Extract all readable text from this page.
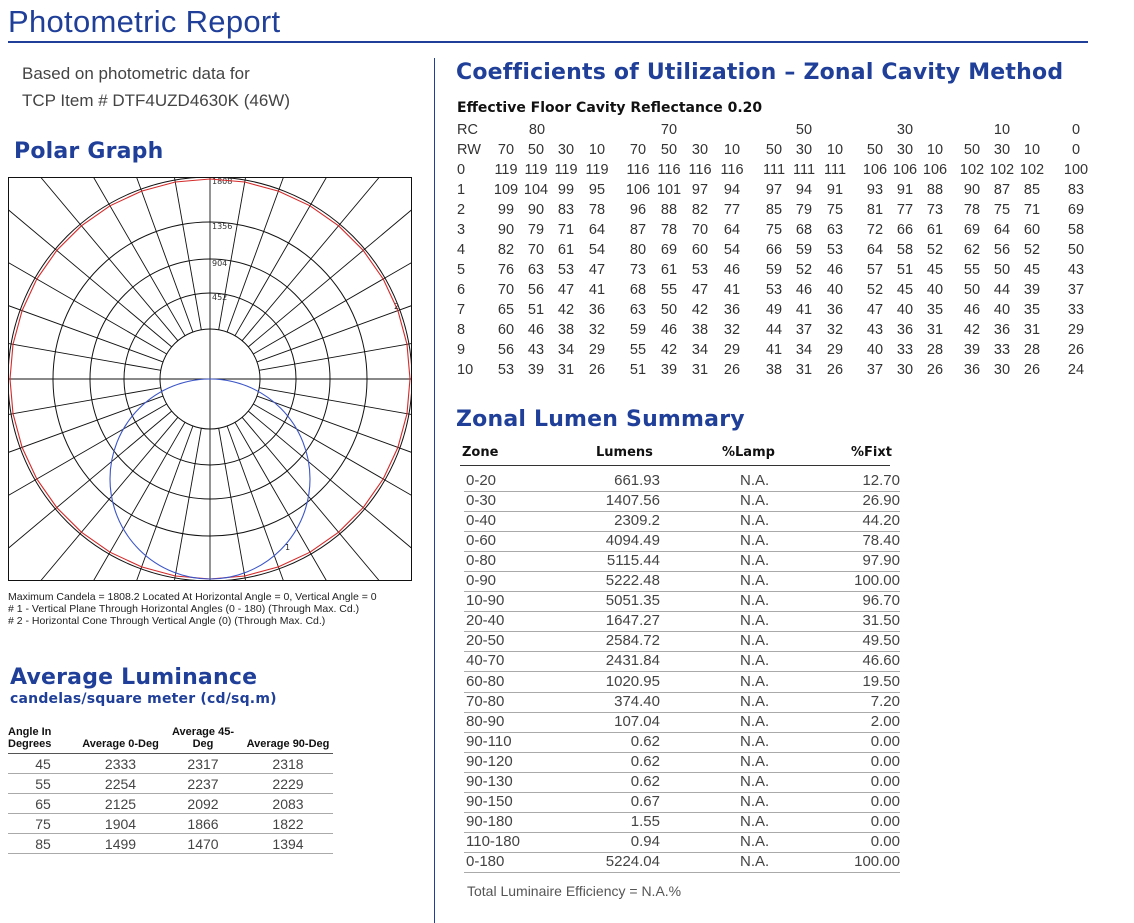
Photometric Report
Based on photometric data for
TCP Item # DTF4UZD4630K (46W)
Polar Graph
1808
1356
904
452
1
2
Maximum Candela = 1808.2 Located At Horizontal Angle = 0, Vertical Angle = 0
# 1 - Vertical Plane Through Horizontal Angles (0 - 180) (Through Max. Cd.)
# 2 - Horizontal Cone Through Vertical Angle (0) (Through Max. Cd.)
Average Luminance
candelas/square meter (cd/sq.m)
Angle In Degrees	Average 0-Deg	Average 45-Deg	Average 90-Deg
45	2333	2317	2318
55	2254	2237	2229
65	2125	2092	2083
75	1904	1866	1822
85	1499	1470	1394
Coefficients of Utilization – Zonal Cavity Method
Effective Floor Cavity Reflectance 0.20
RC	80	70	50	30	10	0
RW	70 50 30	10	70	50	30	10	50 30	10	50 30 10	50 30 10	0
0 119 119 119 119 116 116 116 116 111 111 111 106 106 106 102 102 102 100
1 109 104 99	95	106 101 97	94	97 94	91	93 91 88	90 87 85	83
2	99 90 83	78	96	88	82	77	85 79	75	81 77 73	78 75 71	69
3	90 79 71	64	87	78	70	64	75 68	63	72 66 61	69 64 60	58
4	82 70 61	54	80	69	60	54	66 59	53	64 58 52	62 56 52	50
5	76 63 53	47	73	61	53	46	59 52	46	57 51 45	55 50 45	43
6	70 56 47	41	68	55	47	41	53 46	40	52 45 40	50 44 39	37
7	65 51 42	36	63	50	42	36	49 41	36	47 40 35	46 40 35	33
8	60 46 38	32	59	46	38	32	44 37	32	43 36 31	42 36 31	29
9	56 43 34	29	55	42	34	29	41 34	29	40 33 28	39 33 28	26
10	53 39 31	26	51	39	31	26	38 31	26	37 30 26	36 30 26	24
Zonal Lumen Summary
Zone	Lumens	%Lamp	%Fixt
0-20	661.93	N.A.	12.70
0-30	1407.56	N.A.	26.90
0-40	2309.2	N.A.	44.20
0-60	4094.49	N.A.	78.40
0-80	5115.44	N.A.	97.90
0-90	5222.48	N.A.	100.00
10-90	5051.35	N.A.	96.70
20-40	1647.27	N.A.	31.50
20-50	2584.72	N.A.	49.50
40-70	2431.84	N.A.	46.60
60-80	1020.95	N.A.	19.50
70-80	374.40	N.A.	7.20
80-90	107.04	N.A.	2.00
90-110	0.62	N.A.	0.00
90-120	0.62	N.A.	0.00
90-130	0.62	N.A.	0.00
90-150	0.67	N.A.	0.00
90-180	1.55	N.A.	0.00
110-180	0.94	N.A.	0.00
0-180	5224.04	N.A.	100.00
Total Luminaire Efficiency = N.A.%
